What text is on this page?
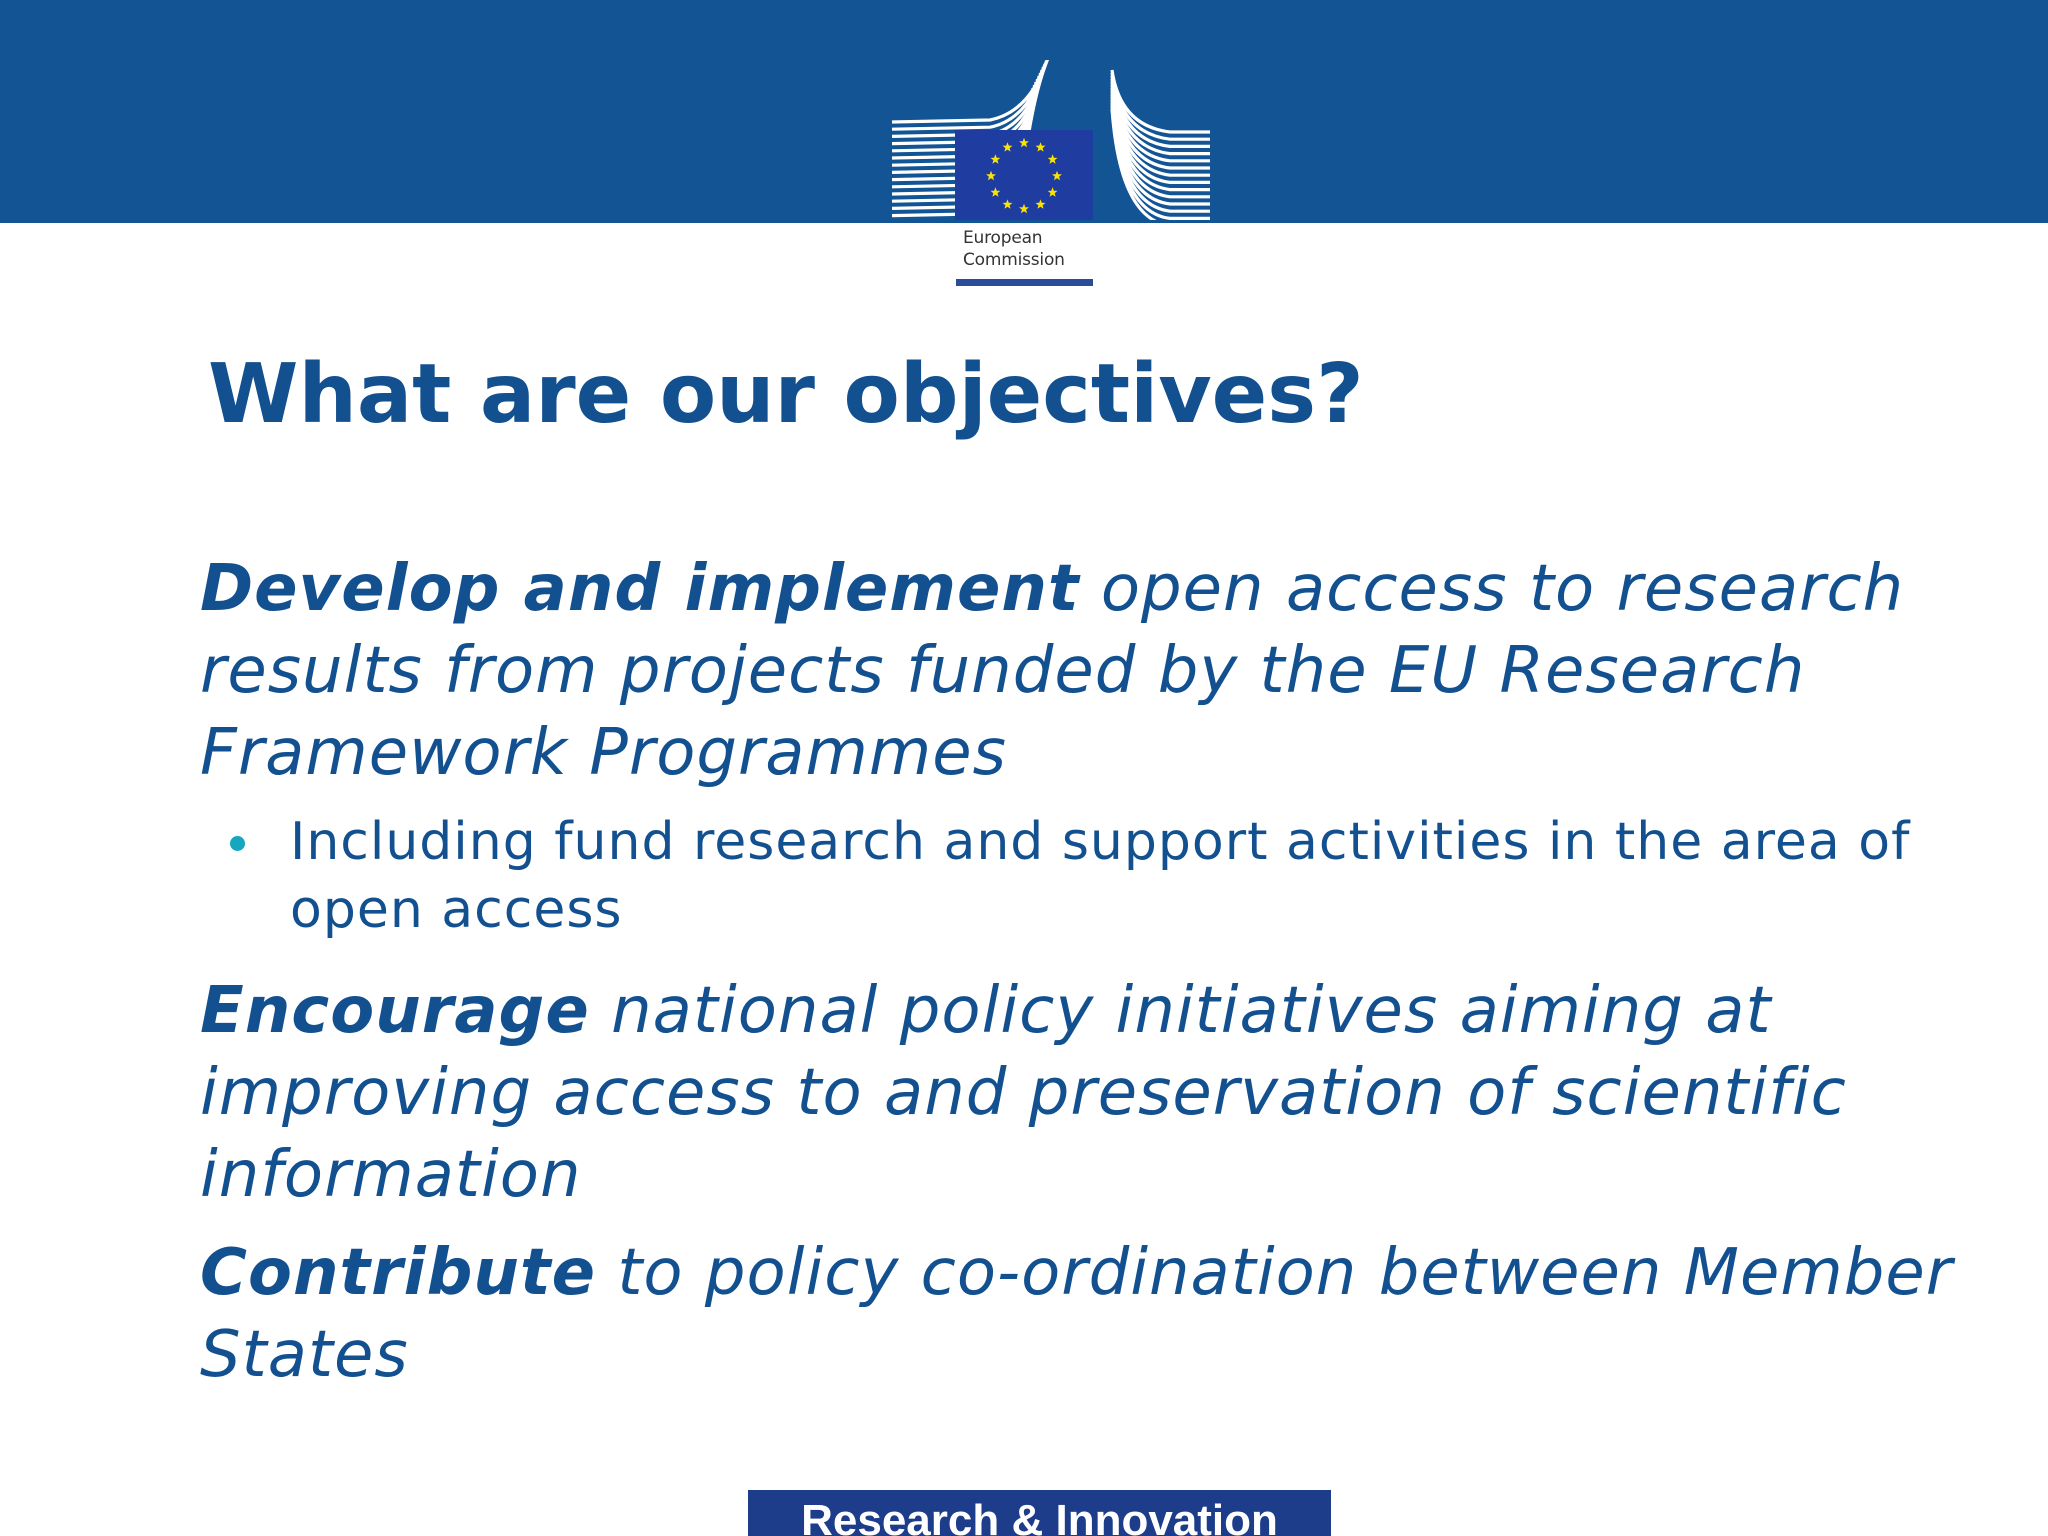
European
Commission
What are our objectives?

Develop and implement open access to research results from projects funded by the EU Research Framework Programmes

Including fund research and support activities in the area of open access

Encourage national policy initiatives aiming at improving access to and preservation of scientific information

Contribute to policy co-ordination between Member States

Research & Innovation
